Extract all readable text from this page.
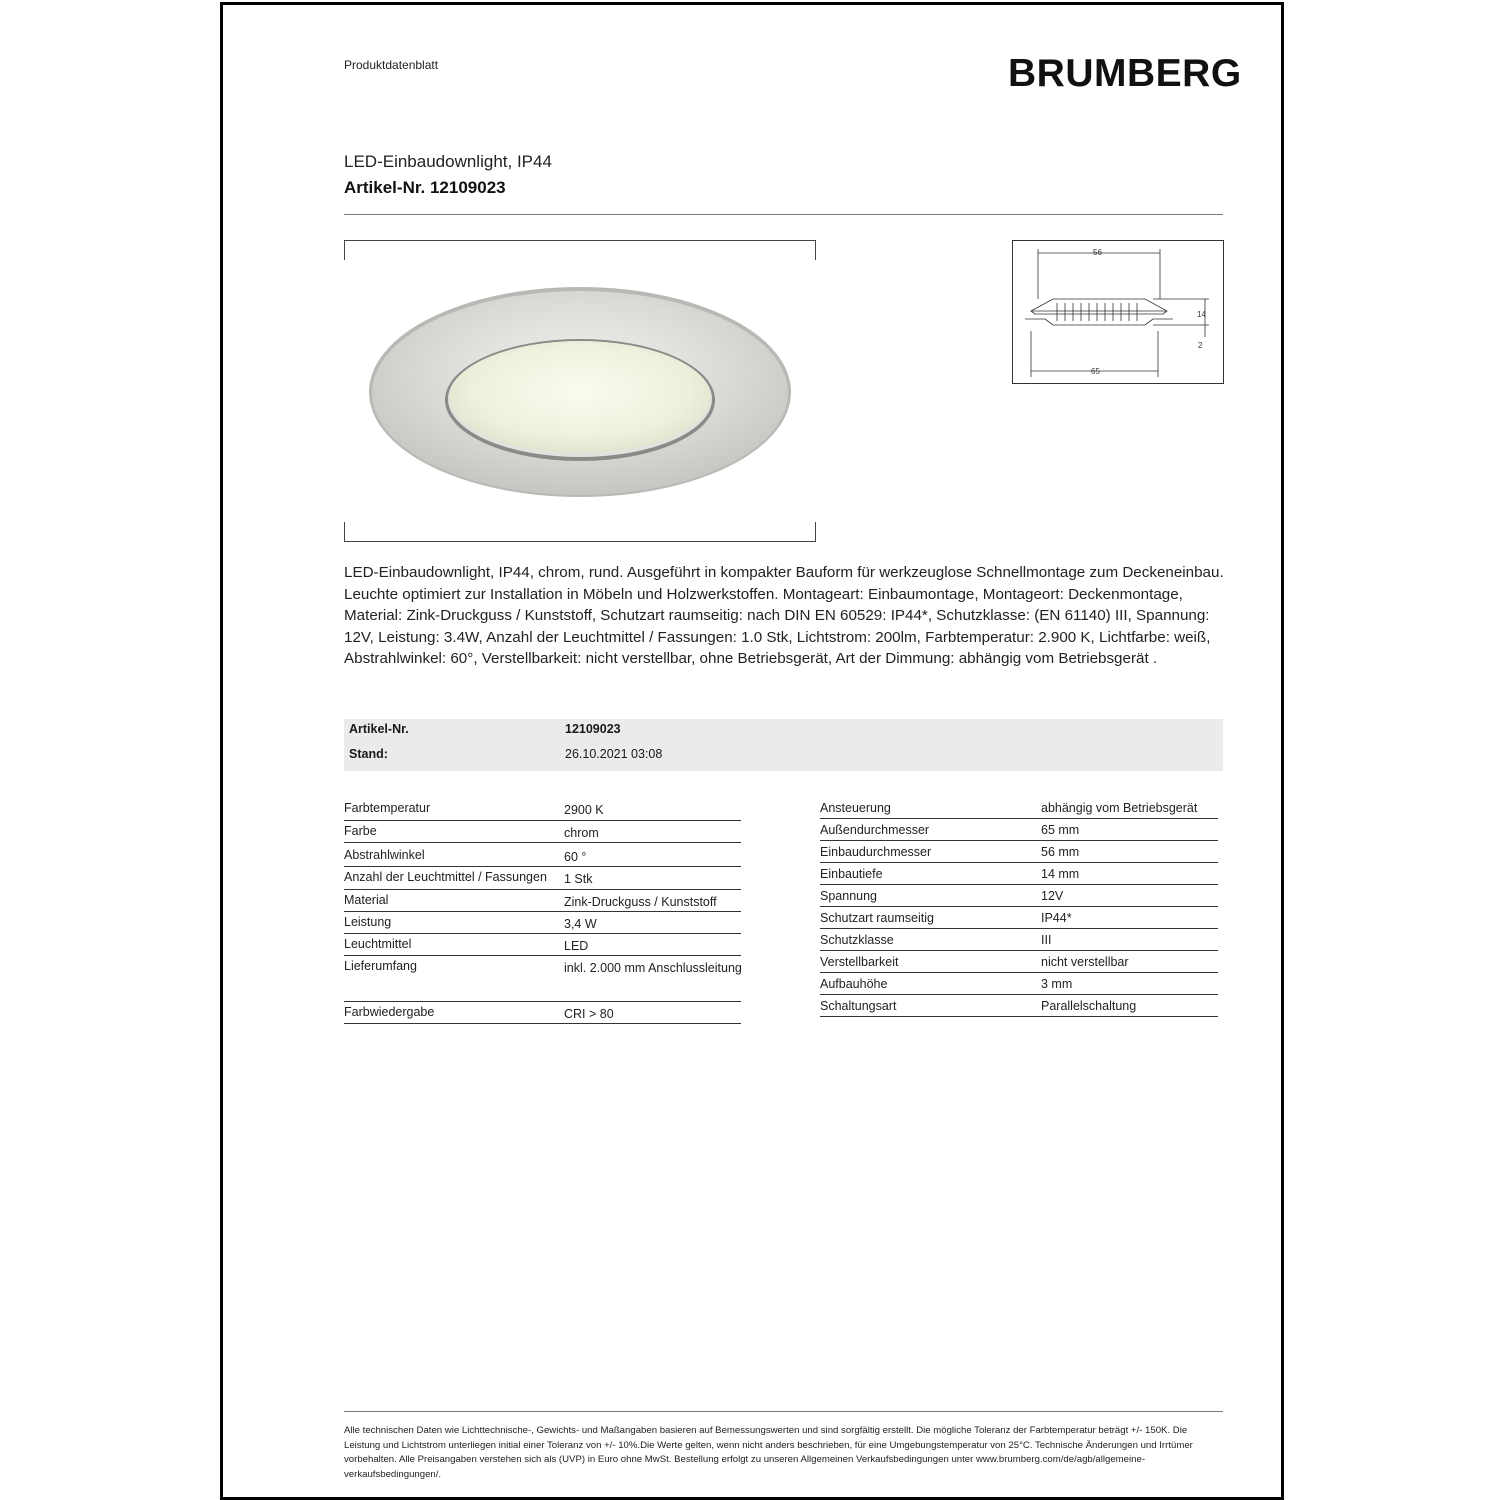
Produktdatenblatt	BRUMBERG
LED-Einbaudownlight, IP44
Artikel-Nr. 12109023
56
65
14
2
LED-Einbaudownlight, IP44, chrom, rund. Ausgeführt in kompakter Bauform für werkzeuglose Schnellmontage zum Deckeneinbau. Leuchte optimiert zur Installation in Möbeln und Holzwerkstoffen. Montageart: Einbaumontage, Montageort: Deckenmontage, Material: Zink-Druckguss / Kunststoff, Schutzart raumseitig: nach DIN EN 60529: IP44*, Schutzklasse: (EN 61140) III, Spannung: 12V, Leistung: 3.4W, Anzahl der Leuchtmittel / Fassungen: 1.0 Stk, Lichtstrom: 200lm, Farbtemperatur: 2.900 K, Lichtfarbe: weiß, Abstrahlwinkel: 60°, Verstellbarkeit: nicht verstellbar, ohne Betriebsgerät, Art der Dimmung: abhängig vom Betriebsgerät .
Artikel-Nr.	12109023
Stand:	26.10.2021 03:08
Farbtemperatur	2900 K
Farbe	chrom
Abstrahlwinkel	60 °
Anzahl der Leuchtmittel / Fassungen 1 Stk
Material	Zink-Druckguss / Kunststoff
Leistung	3,4 W
Leuchtmittel	LED
Lieferumfang	inkl. 2.000 mm Anschlussleitung
Farbwiedergabe	CRI > 80
Ansteuerung	abhängig vom Betriebsgerät
Außendurchmesser	65 mm
Einbaudurchmesser	56 mm
Einbautiefe	14 mm
Spannung	12V
Schutzart raumseitig	IP44*
Schutzklasse	III
Verstellbarkeit	nicht verstellbar
Aufbauhöhe	3 mm
Schaltungsart	Parallelschaltung
Alle technischen Daten wie Lichttechnische-, Gewichts- und Maßangaben basieren auf Bemessungswerten und sind sorgfältig erstellt. Die mögliche Toleranz der Farbtemperatur beträgt +/- 150K. Die Leistung und Lichtstrom unterliegen initial einer Toleranz von +/- 10%.Die Werte gelten, wenn nicht anders beschrieben, für eine Umgebungstemperatur von 25°C. Technische Änderungen und Irrtümer vorbehalten. Alle Preisangaben verstehen sich als (UVP) in Euro ohne MwSt. Bestellung erfolgt zu unseren Allgemeinen Verkaufsbedingungen unter www.brumberg.com/de/agb/allgemeine-verkaufsbedingungen/.
